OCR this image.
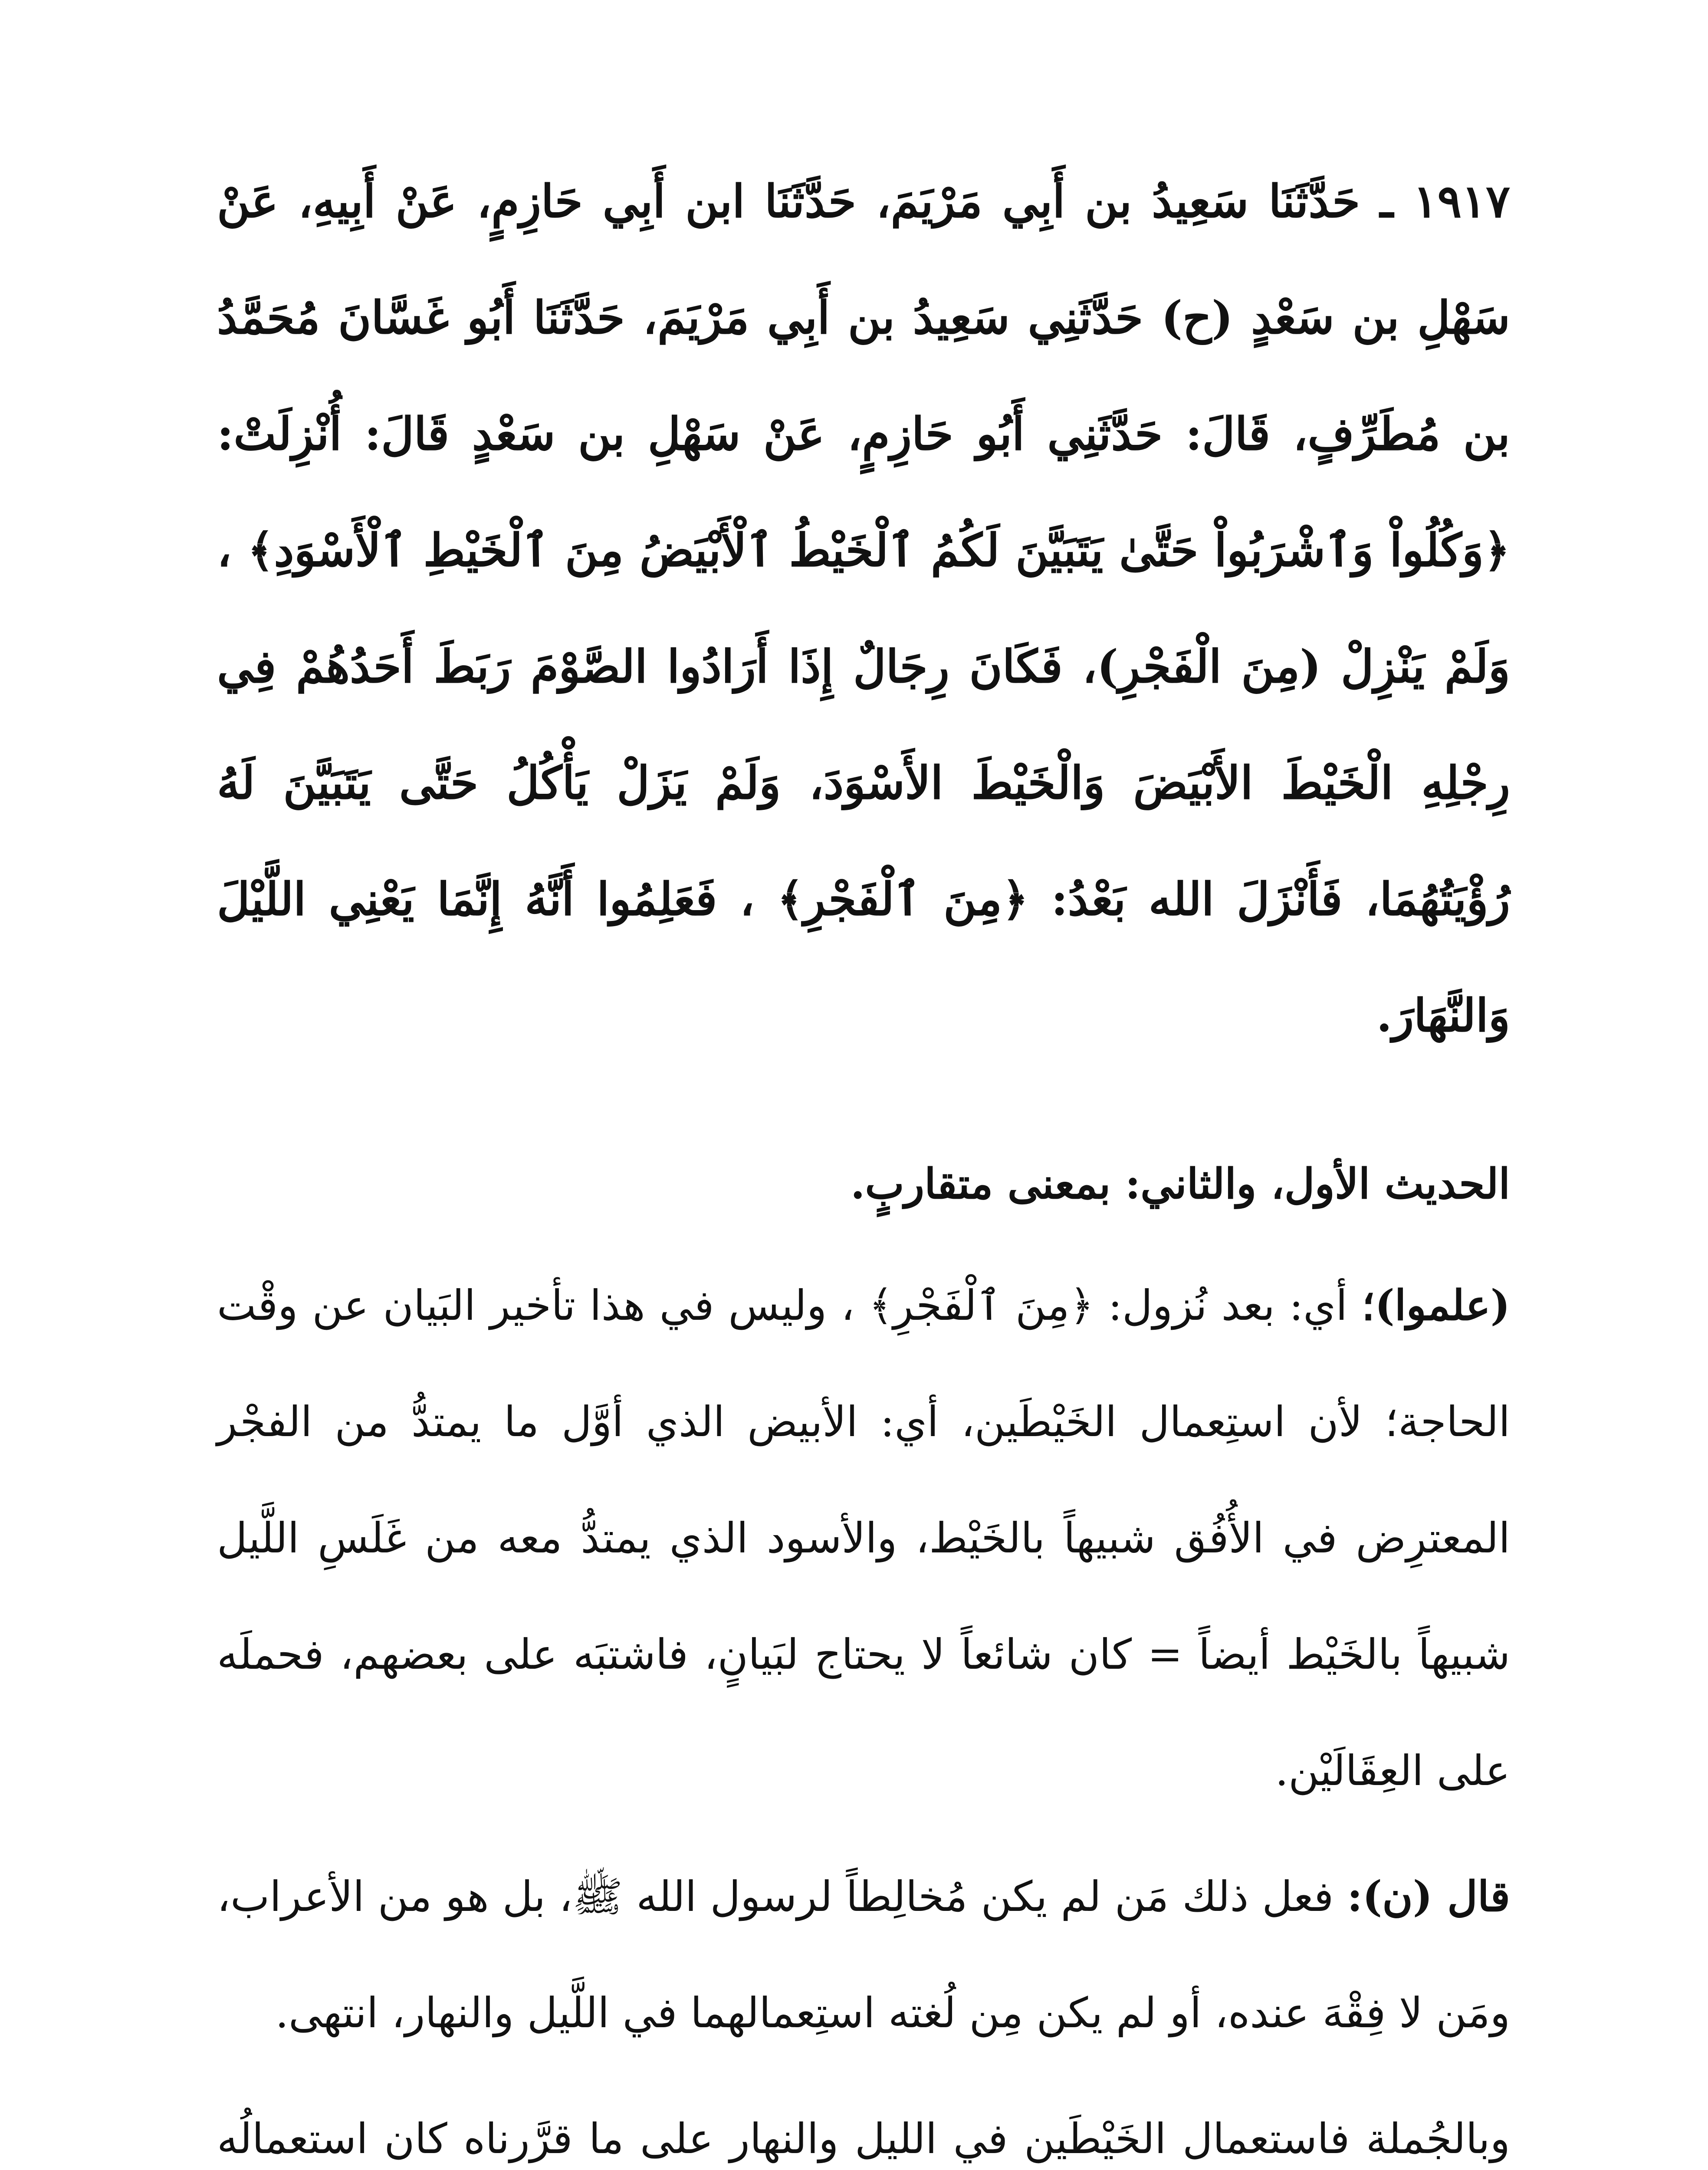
١٩١٧ ـ حَدَّثَنَا سَعِيدُ بن أَبِي مَرْيَمَ، حَدَّثَنَا ابن أَبِي حَازِمٍ، عَنْ أَبِيهِ، عَنْ سَهْلِ بن سَعْدٍ (ح) حَدَّثَنِي سَعِيدُ بن أَبِي مَرْيَمَ، حَدَّثَنَا أَبُو غَسَّانَ مُحَمَّدُ بن مُطَرِّفٍ، قَالَ: حَدَّثَنِي أَبُو حَازِمٍ، عَنْ سَهْلِ بن سَعْدٍ قَالَ: أُنْزِلَتْ: ﴿وَكُلُواْ وَٱشْرَبُواْ حَتَّىٰ يَتَبَيَّنَ لَكُمُ ٱلْخَيْطُ ٱلْأَبْيَضُ مِنَ ٱلْخَيْطِ ٱلْأَسْوَدِ﴾ ، وَلَمْ يَنْزِلْ (مِنَ الْفَجْرِ)، فَكَانَ رِجَالٌ إِذَا أَرَادُوا الصَّوْمَ رَبَطَ أَحَدُهُمْ فِي رِجْلِهِ الْخَيْطَ الأَبْيَضَ وَالْخَيْطَ الأَسْوَدَ، وَلَمْ يَزَلْ يَأْكُلُ حَتَّى يَتَبَيَّنَ لَهُ رُؤْيَتُهُمَا، فَأَنْزَلَ الله بَعْدُ: ﴿مِنَ ٱلْفَجْرِ﴾ ، فَعَلِمُوا أَنَّهُ إِنَّمَا يَعْنِي اللَّيْلَ وَالنَّهَارَ.

الحديث الأول، والثاني: بمعنى متقاربٍ.

(علموا)؛ أي: بعد نُزول: ﴿مِنَ ٱلْفَجْرِ﴾ ، وليس في هذا تأخير البَيان عن وقْت الحاجة؛ لأن استِعمال الخَيْطَين، أي: الأبيض الذي أوَّل ما يمتدُّ من الفجْر المعترِض في الأُفُق شبيهاً بالخَيْط، والأسود الذي يمتدُّ معه من غَلَسِ اللَّيل شبيهاً بالخَيْط أيضاً = كان شائعاً لا يحتاج لبَيانٍ، فاشتبَه على بعضهم، فحملَه على العِقَالَيْن.

قال (ن): فعل ذلك مَن لم يكن مُخالِطاً لرسول الله ﷺ، بل هو من الأعراب، ومَن لا فِقْهَ عنده، أو لم يكن مِن لُغته استِعمالهما في اللَّيل والنهار، انتهى.

وبالجُملة فاستعمال الخَيْطَين في الليل والنهار على ما قرَّرناه كان استعمالُه
